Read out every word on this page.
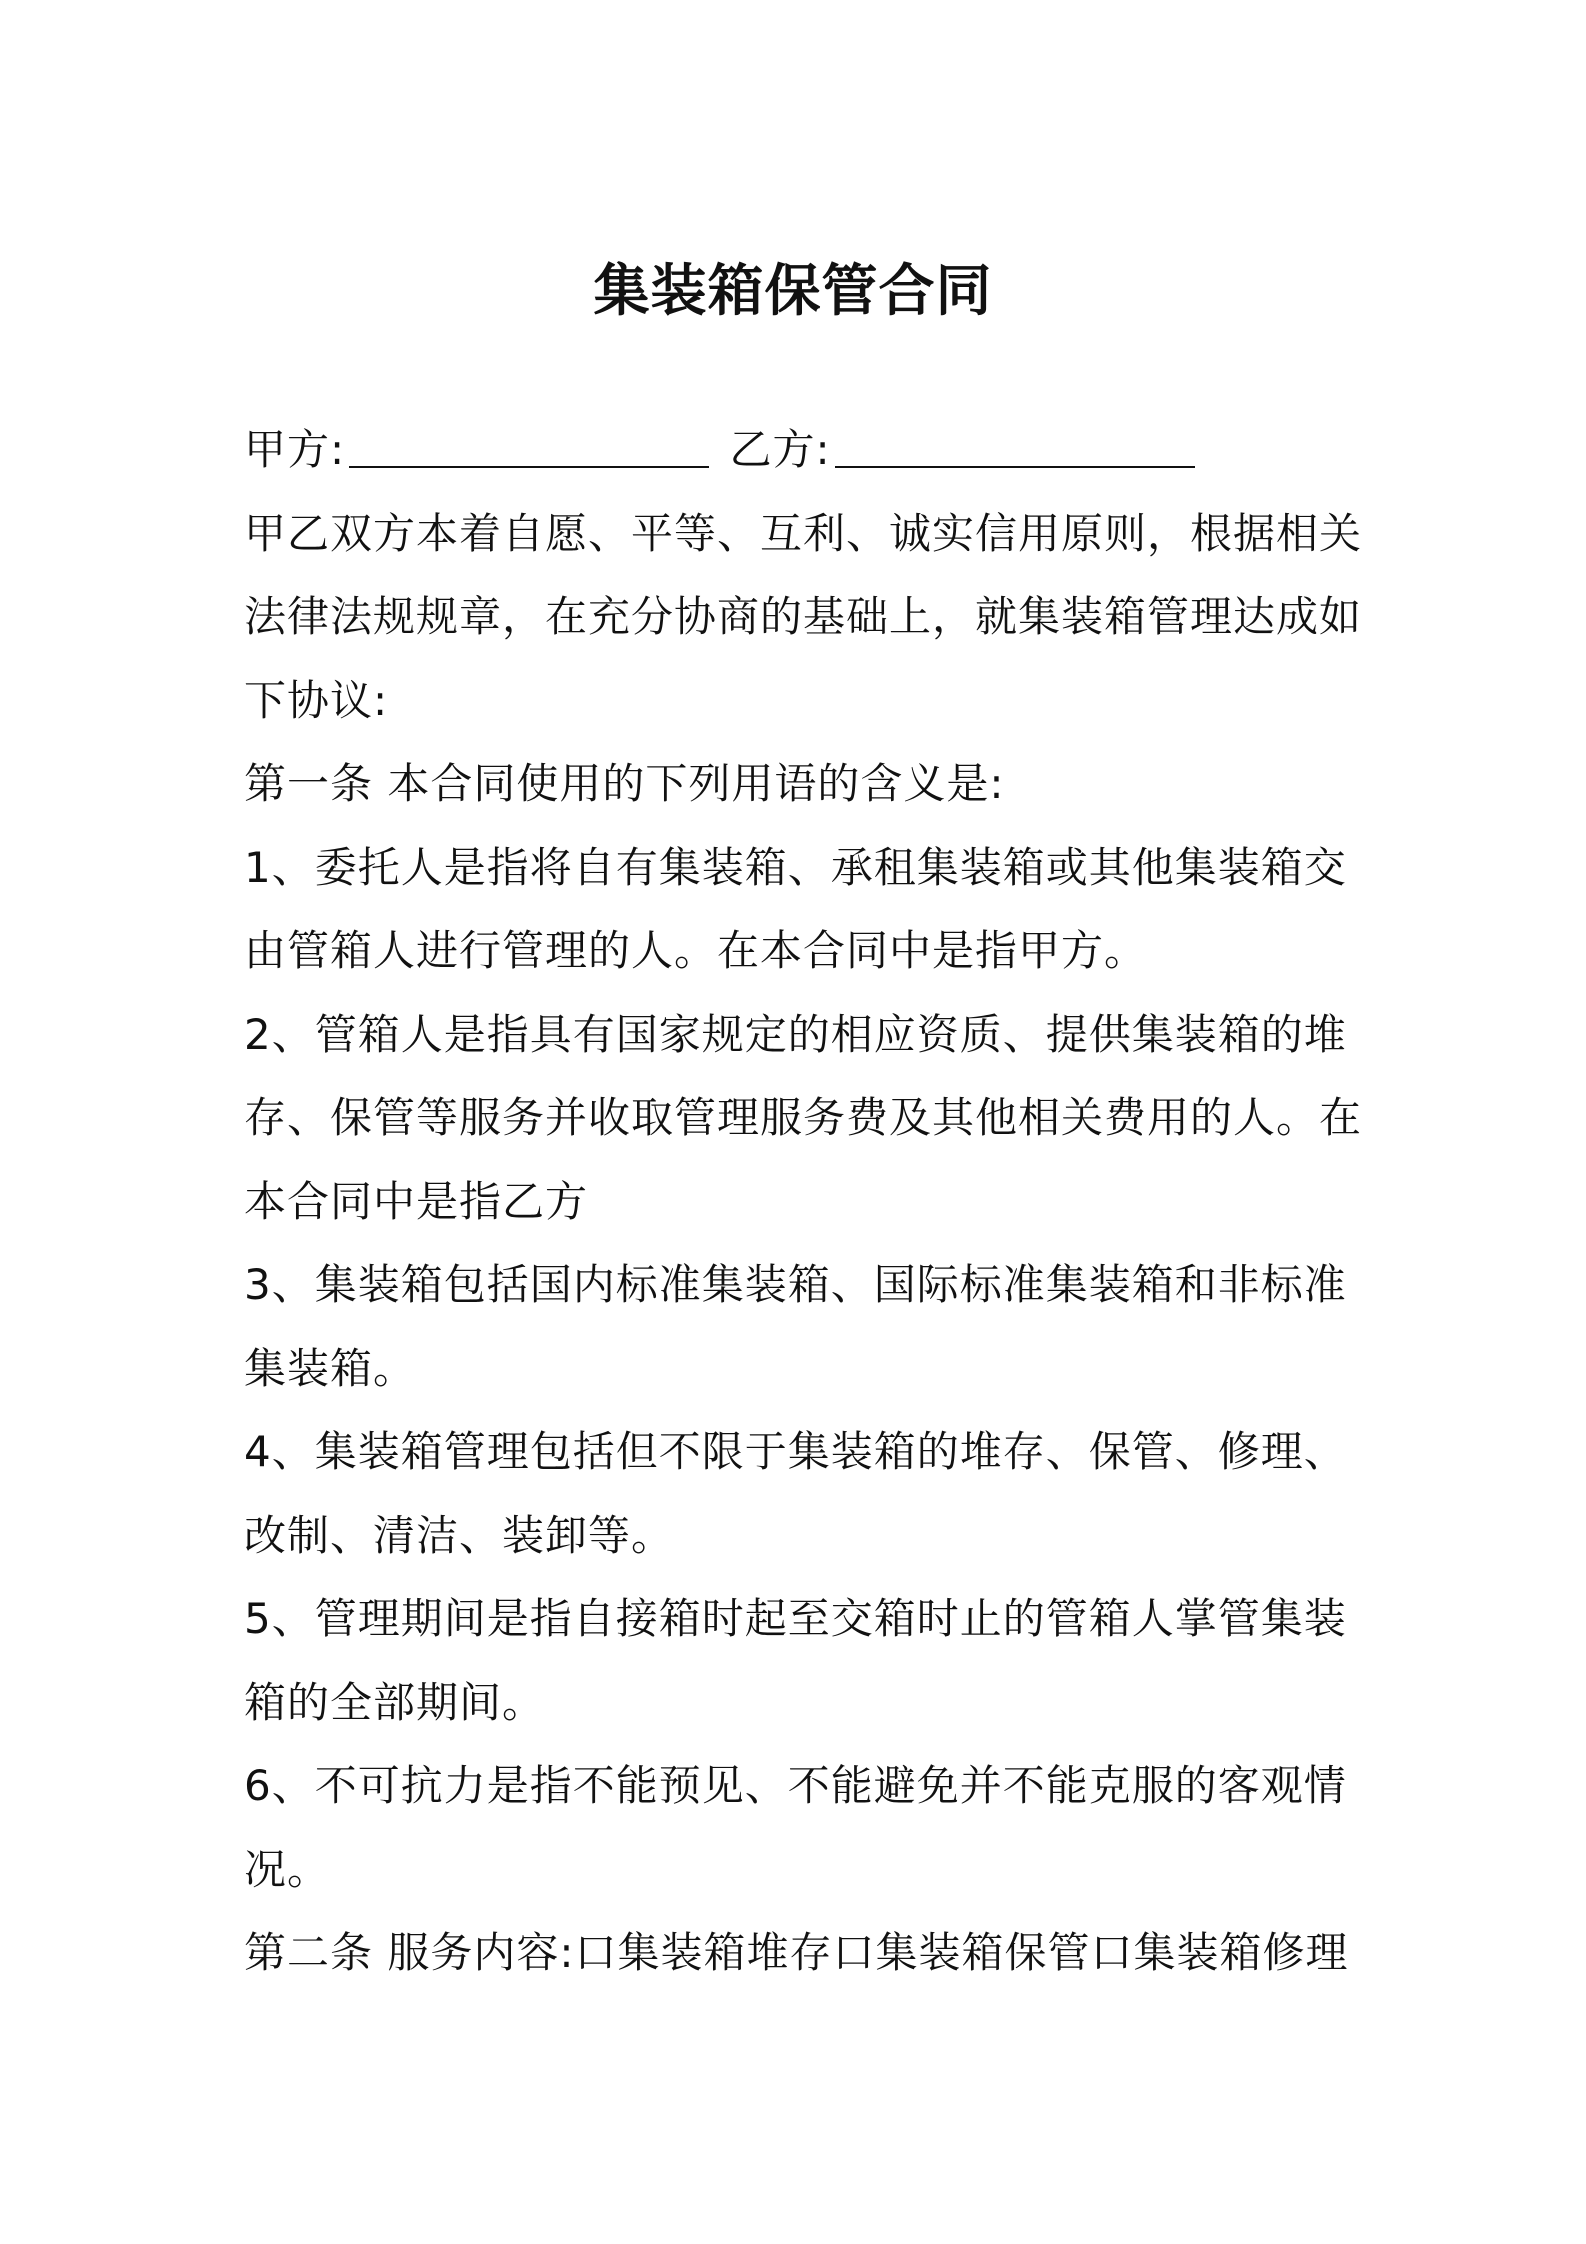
集装箱保管合同
甲方:	乙方:
甲乙双方本着自愿、平等、互利、诚实信用原则，根据相关
法律法规规章，在充分协商的基础上，就集装箱管理达成如
下协议:
第一条 本合同使用的下列用语的含义是:
1、委托人是指将自有集装箱、承租集装箱或其他集装箱交
由管箱人进行管理的人。在本合同中是指甲方。
2、管箱人是指具有国家规定的相应资质、提供集装箱的堆
存、保管等服务并收取管理服务费及其他相关费用的人。在
本合同中是指乙方
3、集装箱包括国内标准集装箱、国际标准集装箱和非标准
集装箱。
4、集装箱管理包括但不限于集装箱的堆存、保管、修理、
改制、清洁、装卸等。
5、管理期间是指自接箱时起至交箱时止的管箱人掌管集装
箱的全部期间。
6、不可抗力是指不能预见、不能避免并不能克服的客观情
况。
第二条 服务内容:口集装箱堆存口集装箱保管口集装箱修理
